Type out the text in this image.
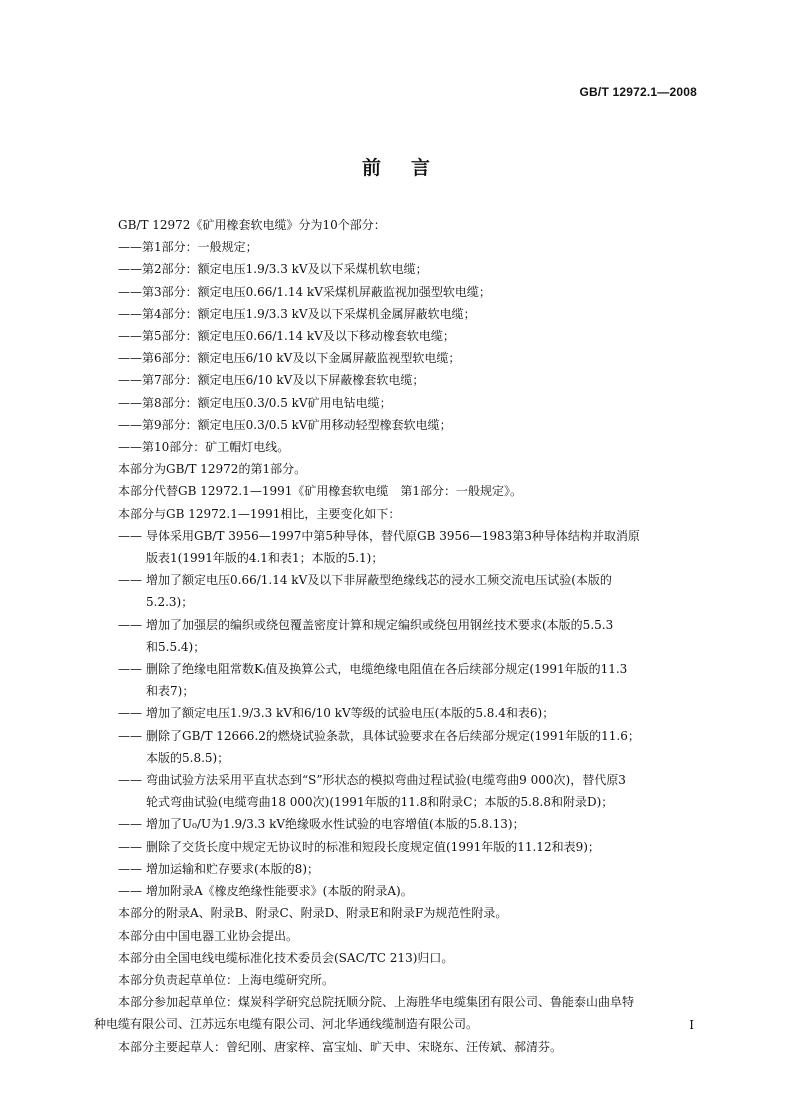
GB/T 12972.1—2008
前言

GB/T 12972《矿用橡套软电缆》分为10个部分：

——第1部分：一般规定；

——第2部分：额定电压1.9/3.3 kV及以下采煤机软电缆；

——第3部分：额定电压0.66/1.14 kV采煤机屏蔽监视加强型软电缆；

——第4部分：额定电压1.9/3.3 kV及以下采煤机金属屏蔽软电缆；

——第5部分：额定电压0.66/1.14 kV及以下移动橡套软电缆；

——第6部分：额定电压6/10 kV及以下金属屏蔽监视型软电缆；

——第7部分：额定电压6/10 kV及以下屏蔽橡套软电缆；

——第8部分：额定电压0.3/0.5 kV矿用电钻电缆；

——第9部分：额定电压0.3/0.5 kV矿用移动轻型橡套软电缆；

——第10部分：矿工帽灯电线。

本部分为GB/T 12972的第1部分。

本部分代替GB 12972.1—1991《矿用橡套软电缆　第1部分：一般规定》。

本部分与GB 12972.1—1991相比，主要变化如下：

—— 导体采用GB/T 3956—1997中第5种导体，替代原GB 3956—1983第3种导体结构并取消原
版表1(1991年版的4.1和表1；本版的5.1)；
—— 增加了额定电压0.66/1.14 kV及以下非屏蔽型绝缘线芯的浸水工频交流电压试验(本版的
5.2.3)；
—— 增加了加强层的编织或绕包覆盖密度计算和规定编织或绕包用钢丝技术要求(本版的5.5.3
和5.5.4)；
—— 删除了绝缘电阻常数Kᵢ值及换算公式，电缆绝缘电阻值在各后续部分规定(1991年版的11.3
和表7)；
—— 增加了额定电压1.9/3.3 kV和6/10 kV等级的试验电压(本版的5.8.4和表6)；
—— 删除了GB/T 12666.2的燃烧试验条款，具体试验要求在各后续部分规定(1991年版的11.6；
本版的5.8.5)；
—— 弯曲试验方法采用平直状态到“S”形状态的模拟弯曲过程试验(电缆弯曲9 000次)，替代原3
轮式弯曲试验(电缆弯曲18 000次)(1991年版的11.8和附录C；本版的5.8.8和附录D)；
—— 增加了U₀/U为1.9/3.3 kV绝缘吸水性试验的电容增值(本版的5.8.13)；
—— 删除了交货长度中规定无协议时的标准和短段长度规定值(1991年版的11.12和表9)；
—— 增加运输和贮存要求(本版的8)；
—— 增加附录A《橡皮绝缘性能要求》(本版的附录A)。

本部分的附录A、附录B、附录C、附录D、附录E和附录F为规范性附录。

本部分由中国电器工业协会提出。

本部分由全国电线电缆标准化技术委员会(SAC/TC 213)归口。

本部分负责起草单位：上海电缆研究所。

本部分参加起草单位：煤炭科学研究总院抚顺分院、上海胜华电缆集团有限公司、鲁能泰山曲阜特
种电缆有限公司、江苏远东电缆有限公司、河北华通线缆制造有限公司。

本部分主要起草人：曾纪刚、唐家梓、富宝灿、旷天申、宋晓东、汪传斌、郝清芬。

I
